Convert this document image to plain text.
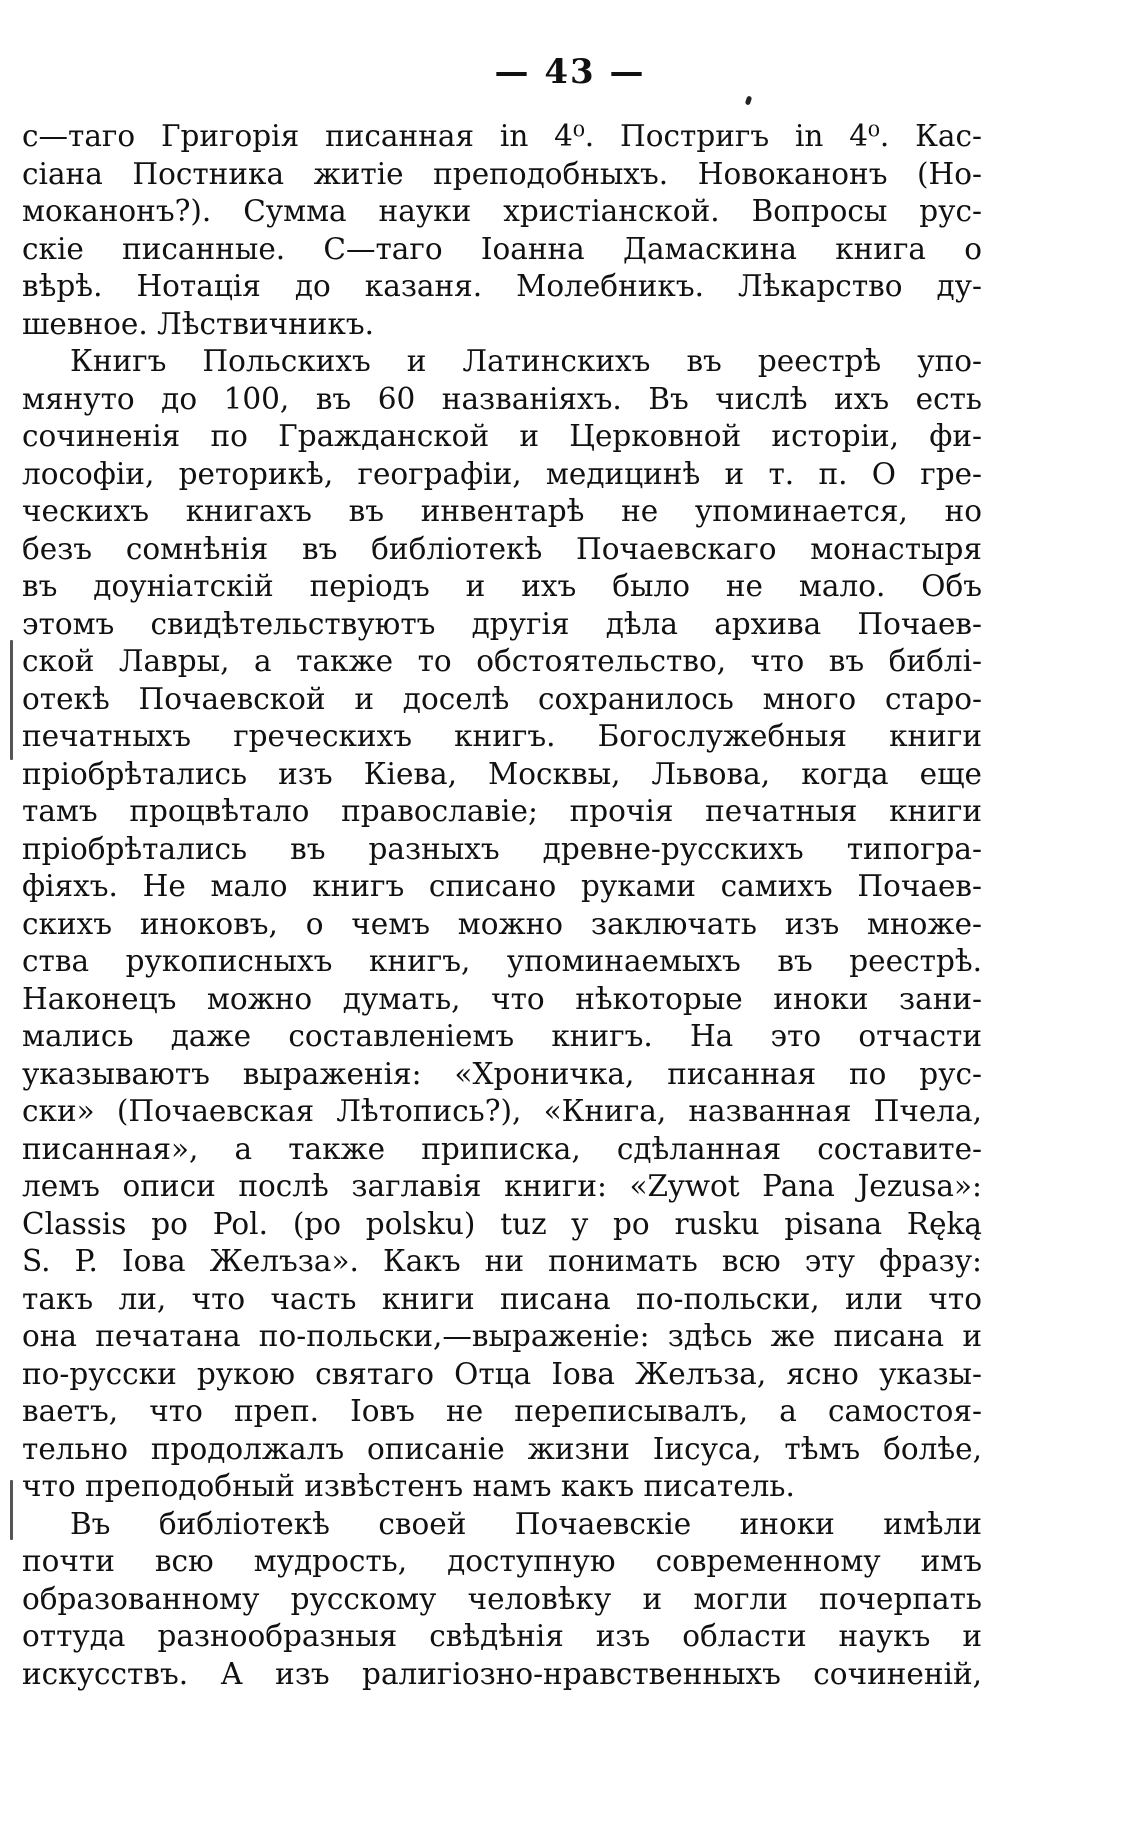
— 43 —
с—таго Григорія писанная in 4⁰. Постригъ in 4⁰. Кас-
сіана Постника житіе преподобныхъ. Новоканонъ (Но-
моканонъ?). Сумма науки христіанской. Вопросы рус-
скіе писанные. С—таго Іоанна Дамаскина книга о
вѣрѣ. Нотація до казаня. Молебникъ. Лѣкарство ду-
шевное. Лѣствичникъ.
Книгъ Польскихъ и Латинскихъ въ реестрѣ упо-
мянуто до 100, въ 60 названіяхъ. Въ числѣ ихъ есть
сочиненія по Гражданской и Церковной исторіи, фи-
лософіи, реторикѣ, географіи, медицинѣ и т. п. О гре-
ческихъ книгахъ въ инвентарѣ не упоминается, но
безъ сомнѣнія въ библіотекѣ Почаевскаго монастыря
въ доуніатскій періодъ и ихъ было не мало. Объ
этомъ свидѣтельствуютъ другія дѣла архива Почаев-
ской Лавры, а также то обстоятельство, что въ библі-
отекѣ Почаевской и доселѣ сохранилось много старо-
печатныхъ греческихъ книгъ. Богослужебныя книги
пріобрѣтались изъ Кіева, Москвы, Львова, когда еще
тамъ процвѣтало православіе; прочія печатныя книги
пріобрѣтались въ разныхъ древне-русскихъ типогра-
фіяхъ. Не мало книгъ списано руками самихъ Почаев-
скихъ иноковъ, о чемъ можно заключать изъ множе-
ства рукописныхъ книгъ, упоминаемыхъ въ реестрѣ.
Наконецъ можно думать, что нѣкоторые иноки зани-
мались даже составленіемъ книгъ. На это отчасти
указываютъ выраженія: «Хроничка, писанная по рус-
ски» (Почаевская Лѣтопись?), «Книга, названная Пчела,
писанная», а также приписка, сдѣланная составите-
лемъ описи послѣ заглавія книги: «Zywot Pana Jezusa»:
Classis po Pol. (po polsku) tuz y po rusku pisana Ręką
S. P. Іова Желъза». Какъ ни понимать всю эту фразу:
такъ ли, что часть книги писана по-польски, или что
она печатана по-польски,—выраженіе: здѣсь же писана и
по-русски рукою святаго Отца Іова Желъза, ясно указы-
ваетъ, что преп. Іовъ не переписывалъ, а самостоя-
тельно продолжалъ описаніе жизни Іисуса, тѣмъ болѣе,
что преподобный извѣстенъ намъ какъ писатель.
Въ библіотекѣ своей Почаевскіе иноки имѣли
почти всю мудрость, доступную современному имъ
образованному русскому человѣку и могли почерпать
оттуда разнообразныя свѣдѣнія изъ области наукъ и
искусствъ. А изъ ралигіозно-нравственныхъ сочиненій,
